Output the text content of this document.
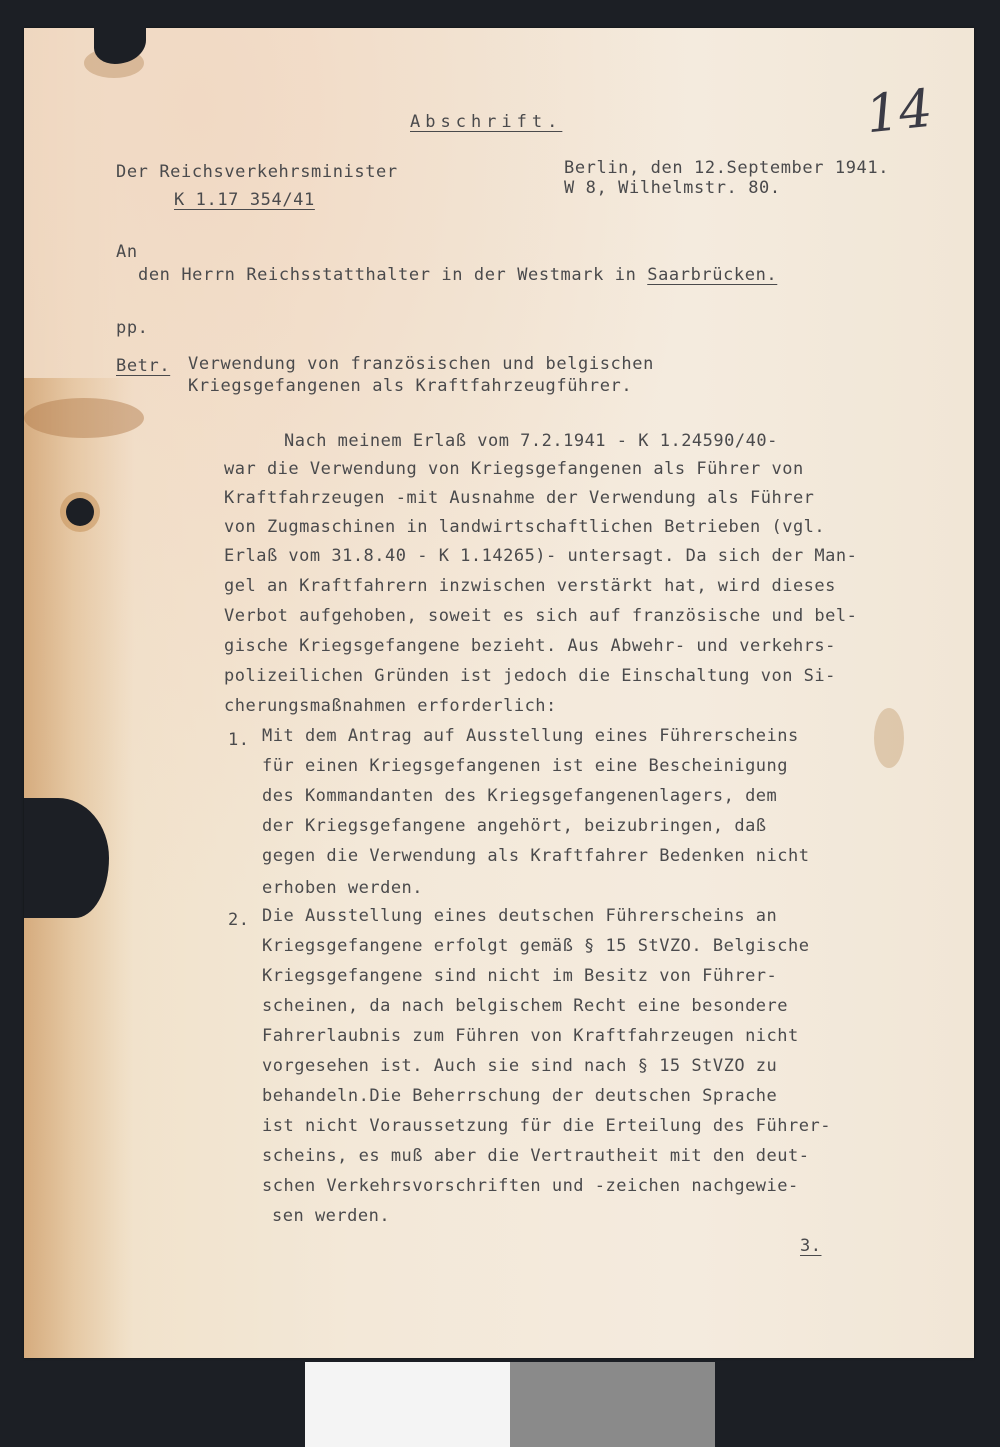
Abschrift.
Der Reichsverkehrsminister
K 1.17 354/41
Berlin, den 12.September 1941.
W 8, Wilhelmstr. 80.
14
An
den Herrn Reichsstatthalter in der Westmark in Saarbrücken.
pp.
Betr. Verwendung von französischen und belgischen
Kriegsgefangenen als Kraftfahrzeugführer.
Nach meinem Erlaß vom 7.2.1941 - K 1.24590/40-
war die Verwendung von Kriegsgefangenen als Führer von
Kraftfahrzeugen -mit Ausnahme der Verwendung als Führer
von Zugmaschinen in landwirtschaftlichen Betrieben (vgl.
Erlaß vom 31.8.40 - K 1.14265)- untersagt. Da sich der Man-
gel an Kraftfahrern inzwischen verstärkt hat, wird dieses
Verbot aufgehoben, soweit es sich auf französische und bel-
gische Kriegsgefangene bezieht. Aus Abwehr- und verkehrs-
polizeilichen Gründen ist jedoch die Einschaltung von Si-
cherungsmaßnahmen erforderlich:
1. Mit dem Antrag auf Ausstellung eines Führerscheins
für einen Kriegsgefangenen ist eine Bescheinigung
des Kommandanten des Kriegsgefangenenlagers, dem
der Kriegsgefangene angehört, beizubringen, daß
gegen die Verwendung als Kraftfahrer Bedenken nicht
erhoben werden.
2. Die Ausstellung eines deutschen Führerscheins an
Kriegsgefangene erfolgt gemäß § 15 StVZO. Belgische
Kriegsgefangene sind nicht im Besitz von Führer-
scheinen, da nach belgischem Recht eine besondere
Fahrerlaubnis zum Führen von Kraftfahrzeugen nicht
vorgesehen ist. Auch sie sind nach § 15 StVZO zu
behandeln.Die Beherrschung der deutschen Sprache
ist nicht Voraussetzung für die Erteilung des Führer-
scheins, es muß aber die Vertrautheit mit den deut-
schen Verkehrsvorschriften und -zeichen nachgewie-
sen werden.
3.
